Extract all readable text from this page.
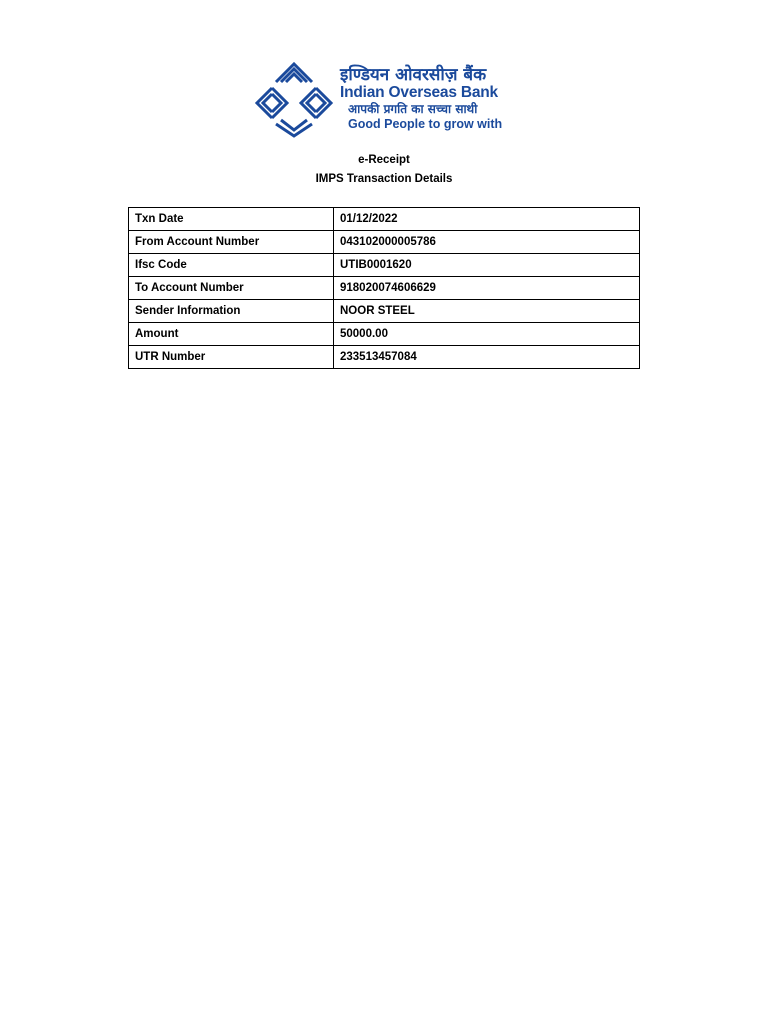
इण्डियन ओवरसीज़ बैंक
Indian Overseas Bank
आपकी प्रगति का सच्चा साथी
Good People to grow with
e-Receipt
IMPS Transaction Details
Txn Date	01/12/2022
From Account Number	043102000005786
Ifsc Code	UTIB0001620
To Account Number	918020074606629
Sender Information	NOOR STEEL
Amount	50000.00
UTR Number	233513457084
